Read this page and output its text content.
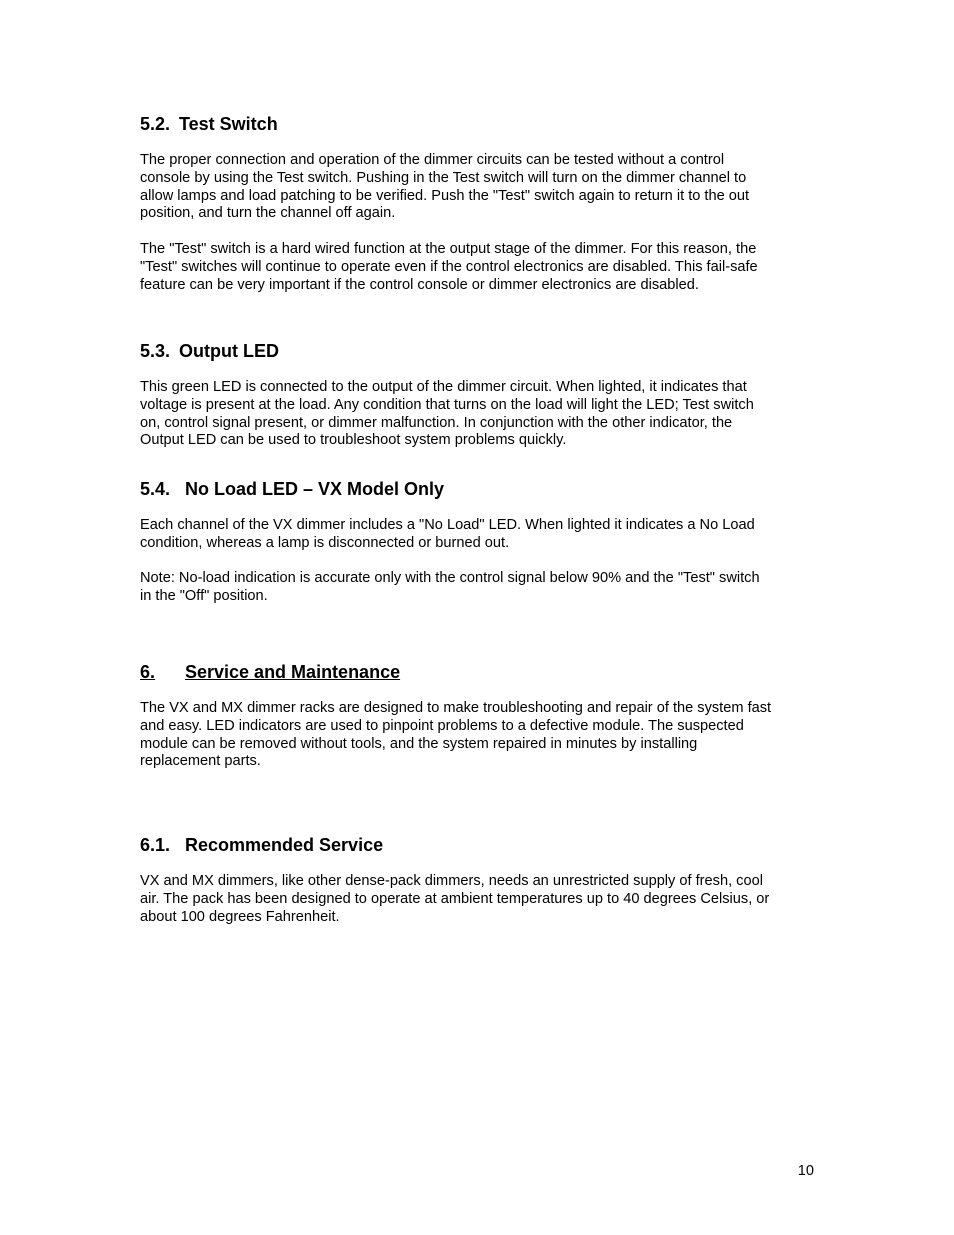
5.2. Test Switch
The proper connection and operation of the dimmer circuits can be tested without a control
console by using the Test switch. Pushing in the Test switch will turn on the dimmer channel to
allow lamps and load patching to be verified. Push the "Test" switch again to return it to the out
position, and turn the channel off again.
The "Test" switch is a hard wired function at the output stage of the dimmer. For this reason, the
"Test" switches will continue to operate even if the control electronics are disabled. This fail-safe
feature can be very important if the control console or dimmer electronics are disabled.
5.3. Output LED
This green LED is connected to the output of the dimmer circuit. When lighted, it indicates that
voltage is present at the load. Any condition that turns on the load will light the LED; Test switch
on, control signal present, or dimmer malfunction. In conjunction with the other indicator, the
Output LED can be used to troubleshoot system problems quickly.
5.4. No Load LED – VX Model Only
Each channel of the VX dimmer includes a "No Load" LED. When lighted it indicates a No Load
condition, whereas a lamp is disconnected or burned out.
Note: No-load indication is accurate only with the control signal below 90% and the "Test" switch
in the "Off" position.
6. Service and Maintenance
The VX and MX dimmer racks are designed to make troubleshooting and repair of the system fast
and easy. LED indicators are used to pinpoint problems to a defective module. The suspected
module can be removed without tools, and the system repaired in minutes by installing
replacement parts.
6.1. Recommended Service
VX and MX dimmers, like other dense-pack dimmers, needs an unrestricted supply of fresh, cool
air. The pack has been designed to operate at ambient temperatures up to 40 degrees Celsius, or
about 100 degrees Fahrenheit.

10
